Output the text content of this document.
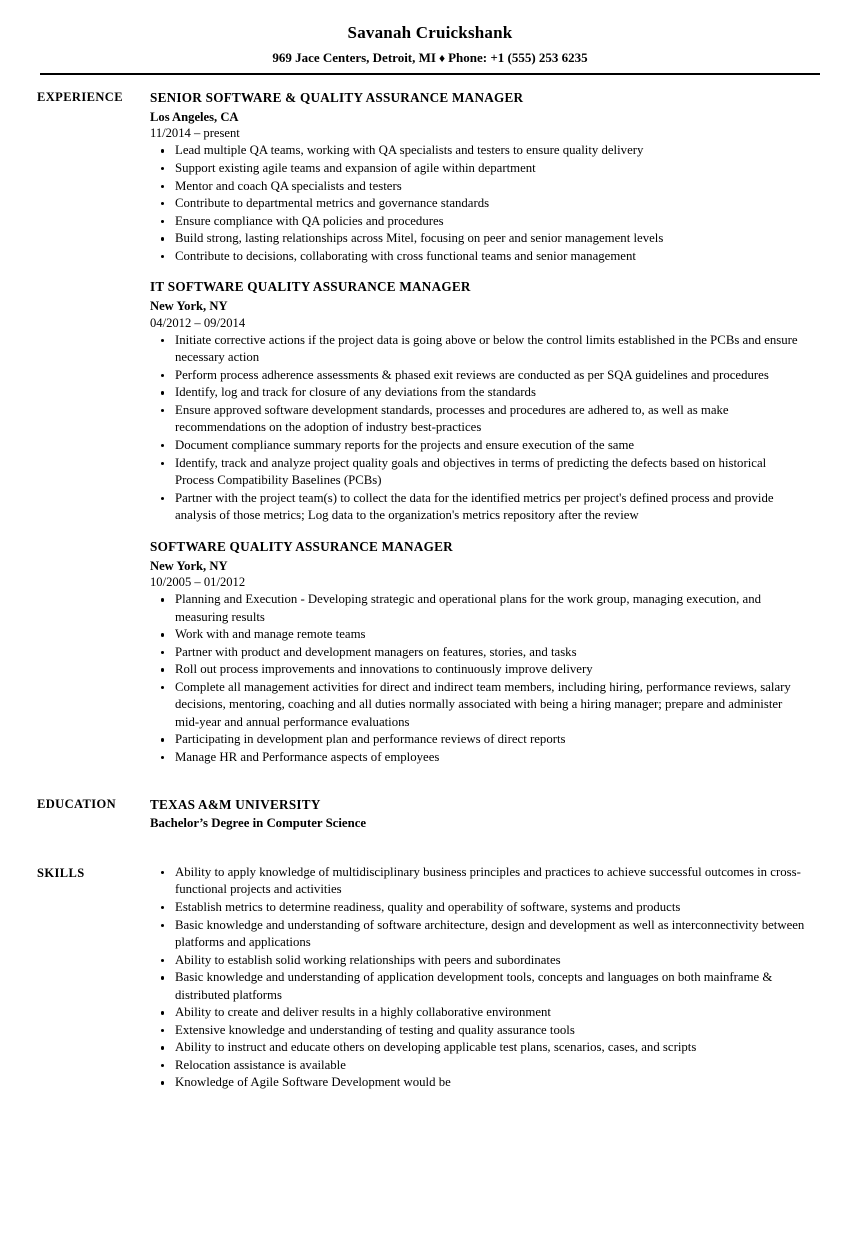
Savanah Cruickshank
969 Jace Centers, Detroit, MI ♦ Phone: +1 (555) 253 6235
EXPERIENCE	SENIOR SOFTWARE & QUALITY ASSURANCE MANAGER
Los Angeles, CA
11/2014 – present
Lead multiple QA teams, working with QA specialists and testers to ensure quality delivery
Support existing agile teams and expansion of agile within department
Mentor and coach QA specialists and testers
Contribute to departmental metrics and governance standards
Ensure compliance with QA policies and procedures
Build strong, lasting relationships across Mitel, focusing on peer and senior management levels
Contribute to decisions, collaborating with cross functional teams and senior management
IT SOFTWARE QUALITY ASSURANCE MANAGER
New York, NY
04/2012 – 09/2014
Initiate corrective actions if the project data is going above or below the control limits established in the PCBs and ensure necessary action
Perform process adherence assessments & phased exit reviews are conducted as per SQA guidelines and procedures
Identify, log and track for closure of any deviations from the standards
Ensure approved software development standards, processes and procedures are adhered to, as well as make recommendations on the adoption of industry best-practices
Document compliance summary reports for the projects and ensure execution of the same
Identify, track and analyze project quality goals and objectives in terms of predicting the defects based on historical Process Compatibility Baselines (PCBs)
Partner with the project team(s) to collect the data for the identified metrics per project's defined process and provide analysis of those metrics; Log data to the organization's metrics repository after the review
SOFTWARE QUALITY ASSURANCE MANAGER
New York, NY
10/2005 – 01/2012
Planning and Execution - Developing strategic and operational plans for the work group, managing execution, and measuring results
Work with and manage remote teams
Partner with product and development managers on features, stories, and tasks
Roll out process improvements and innovations to continuously improve delivery
Complete all management activities for direct and indirect team members, including hiring, performance reviews, salary decisions, mentoring, coaching and all duties normally associated with being a hiring manager; prepare and administer mid-year and annual performance evaluations
Participating in development plan and performance reviews of direct reports
Manage HR and Performance aspects of employees
EDUCATION	TEXAS A&M UNIVERSITY
Bachelor’s Degree in Computer Science
SKILLS	Ability to apply knowledge of multidisciplinary business principles and practices to achieve successful outcomes in cross-functional projects and activities
Establish metrics to determine readiness, quality and operability of software, systems and products
Basic knowledge and understanding of software architecture, design and development as well as interconnectivity between platforms and applications
Ability to establish solid working relationships with peers and subordinates
Basic knowledge and understanding of application development tools, concepts and languages on both mainframe & distributed platforms
Ability to create and deliver results in a highly collaborative environment
Extensive knowledge and understanding of testing and quality assurance tools
Ability to instruct and educate others on developing applicable test plans, scenarios, cases, and scripts
Relocation assistance is available
Knowledge of Agile Software Development would be
